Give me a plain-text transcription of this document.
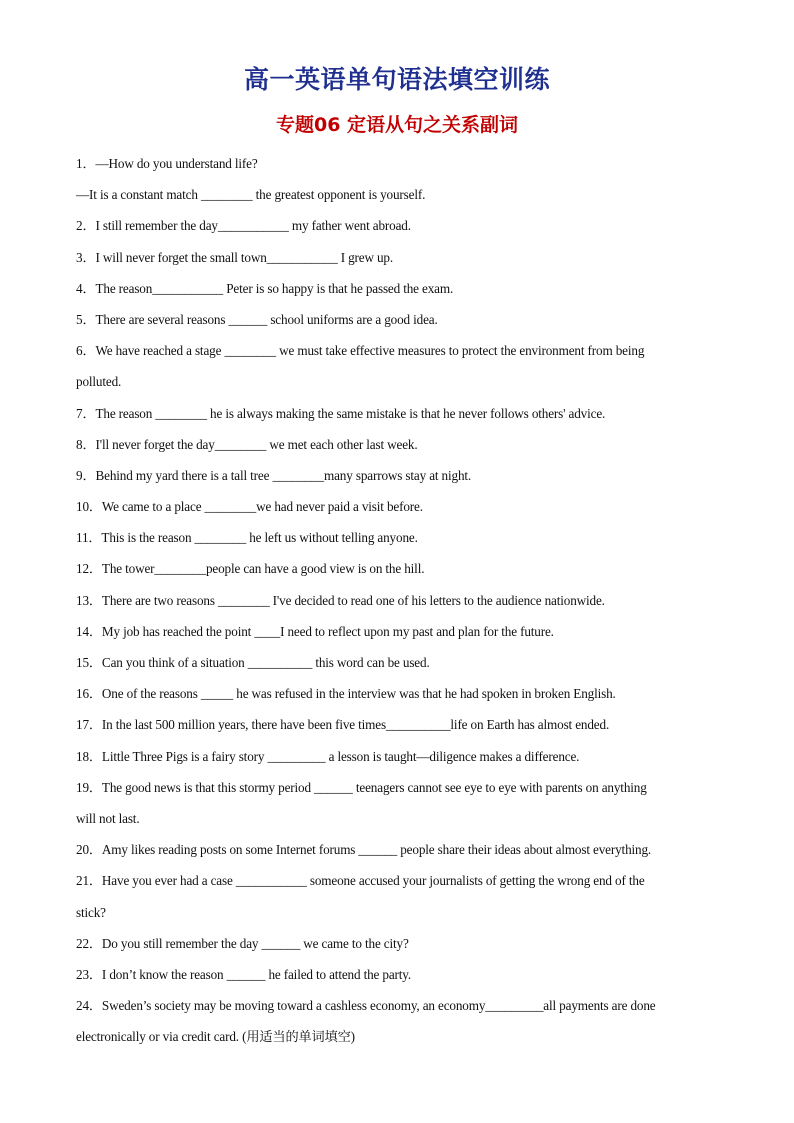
高一英语单句语法填空训练
专题06 定语从句之关系副词
1．—How do you understand life?
—It is a constant match ________ the greatest opponent is yourself.
2．I still remember the day___________ my father went abroad.
3．I will never forget the small town___________ I grew up.
4．The reason___________ Peter is so happy is that he passed the exam.
5．There are several reasons ______ school uniforms are a good idea.
6．We have reached a stage ________ we must take effective measures to protect the environment from being
polluted.
7．The reason ________ he is always making the same mistake is that he never follows others' advice.
8．I'll never forget the day________ we met each other last week.
9．Behind my yard there is a tall tree ________many sparrows stay at night.
10．We came to a place ________we had never paid a visit before.
11．This is the reason ________ he left us without telling anyone.
12．The tower________people can have a good view is on the hill.
13．There are two reasons ________ I've decided to read one of his letters to the audience nationwide.
14．My job has reached the point ____I need to reflect upon my past and plan for the future.
15．Can you think of a situation __________ this word can be used.
16．One of the reasons _____ he was refused in the interview was that he had spoken in broken English.
17．In the last 500 million years, there have been five times__________life on Earth has almost ended.
18．Little Three Pigs is a fairy story _________ a lesson is taught—diligence makes a difference.
19．The good news is that this stormy period ______ teenagers cannot see eye to eye with parents on anything
will not last.
20．Amy likes reading posts on some Internet forums ______ people share their ideas about almost everything.
21．Have you ever had a case ___________ someone accused your journalists of getting the wrong end of the
stick?
22．Do you still remember the day ______ we came to the city?
23．I don’t know the reason ______ he failed to attend the party.
24．Sweden’s society may be moving toward a cashless economy, an economy_________all payments are done
electronically or via credit card. (用适当的单词填空)
